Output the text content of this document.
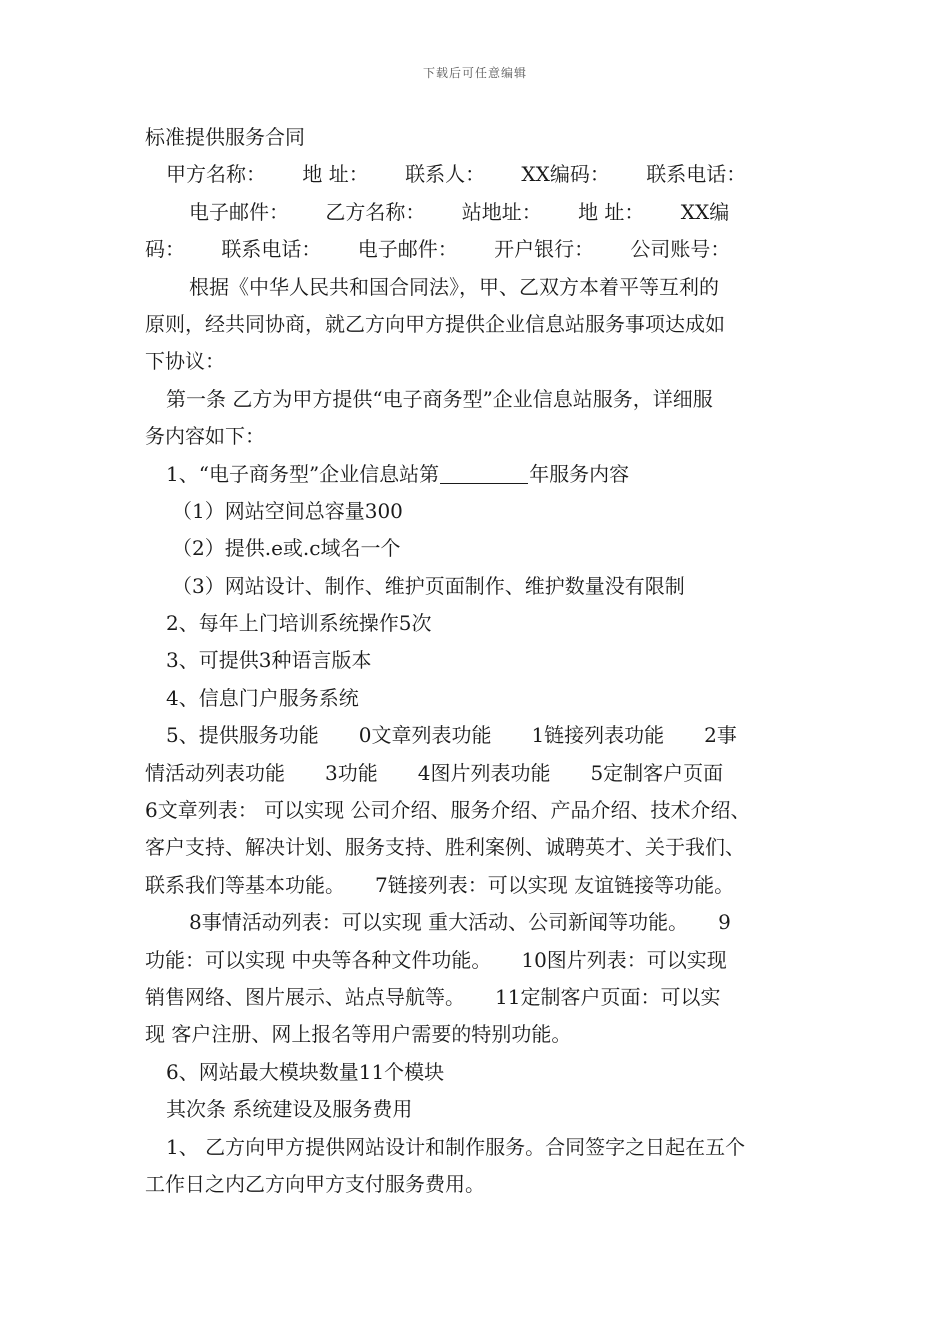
下载后可任意编辑
标准提供服务合同
甲方名称：　　 地 址：　　 联系人：　　 XX编码：　　 联系电话：
电子邮件：　　 乙方名称：　　 站地址：　　 地 址：　　 XX编
码：　　 联系电话：　　 电子邮件：　　 开户银行：　　 公司账号：
根据《中华人民共和国合同法》，甲、乙双方本着平等互利的
原则，经共同协商，就乙方向甲方提供企业信息站服务事项达成如
下协议：
第一条 乙方为甲方提供“电子商务型”企业信息站服务，详细服
务内容如下：
1、“电子商务型”企业信息站第	年服务内容
（1）网站空间总容量300
（2）提供.e或.c域名一个
（3）网站设计、制作、维护页面制作、维护数量没有限制
2、每年上门培训系统操作5次
3、可提供3种语言版本
4、信息门户服务系统
5、提供服务功能　　0文章列表功能　　1链接列表功能　　2事
情活动列表功能　　3功能　　4图片列表功能　　5定制客户页面
6文章列表： 可以实现 公司介绍、服务介绍、产品介绍、技术介绍、
客户支持、解决计划、服务支持、胜利案例、诚聘英才、关于我们、
联系我们等基本功能。　　7链接列表：可以实现 友谊链接等功能。
8事情活动列表：可以实现 重大活动、公司新闻等功能。　　9
功能：可以实现 中央等各种文件功能。　　10图片列表：可以实现
销售网络、图片展示、站点导航等。　　11定制客户页面：可以实
现 客户注册、网上报名等用户需要的特别功能。
6、网站最大模块数量11个模块
其次条 系统建设及服务费用
1、 乙方向甲方提供网站设计和制作服务。合同签字之日起在五个
工作日之内乙方向甲方支付服务费用。
